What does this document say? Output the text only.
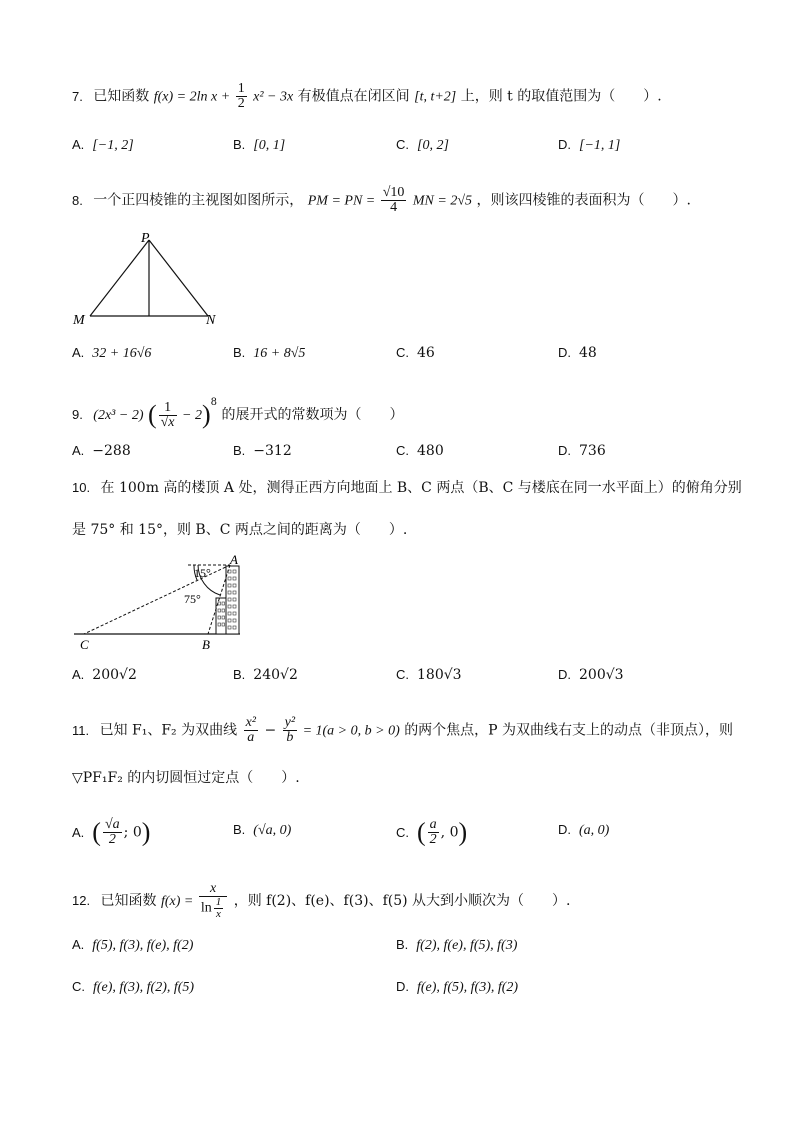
7. 已知函数 f(x) = 2ln $x + \frac{1}{2} x^2 - 3x$ 有极值点在闭区间 [t, t+2] 上，则 t 的取值范围为（　　）.
A. [−1, 2]	B. [0, 1]	C. [0, 2]	D. [−1, 1]
8. 一个正四棱锥的主视图如图所示， PM = PN = $\frac{√10}{4}$ MN = 2√5 ，则该四棱锥的表面积为（　　）.
P
M	N
A. 32 + 16√6	B. 16 + 8√5	C. 46	D. 48
9. (2x³ − 2) ( $\frac{1}{√x} - 2)^8$ 的展开式的常数项为（　　）
A. −288	B. −312	C. 480	D. 736
10. 在 100m 高的楼顶 A 处，测得正西方向地面上 B、C 两点（B、C 与楼底在同一水平面上）的俯角分别
是 75° 和 15°，则 B、C 两点之间的距离为（　　）.
A
B
C
15°
75°
A. 200√2	B. 240√2	C. 180√3	D. 200√3
11. 已知 F₁、F₂ 为双曲线 $\frac{\text{x²}}{a} - \frac{\text{y²}}{b} = 1(a > 0$, b > 0) 的两个焦点，P 为双曲线右支上的动点（非顶点），则
▽PF₁F₂ 的内切圆恒过定点（　　）.
A. ( $\frac{√a}{2}$ ; 0)	B. (√a, 0)	C. ( $\frac{a}{2}$ , 0)	D. (a, 0)
12. 已知函数 $f(x) = \frac{x}{\ln \frac{1}{x}}$ ，则 f(2)、f(e)、f(3)、f(5) 从大到小顺次为（　　）.
A. f(5), f(3), f(e), f(2)	B. f(2), f(e), f(5), f(3)
C. f(e), f(3), f(2), f(5)	D. f(e), f(5), f(3), f(2)
